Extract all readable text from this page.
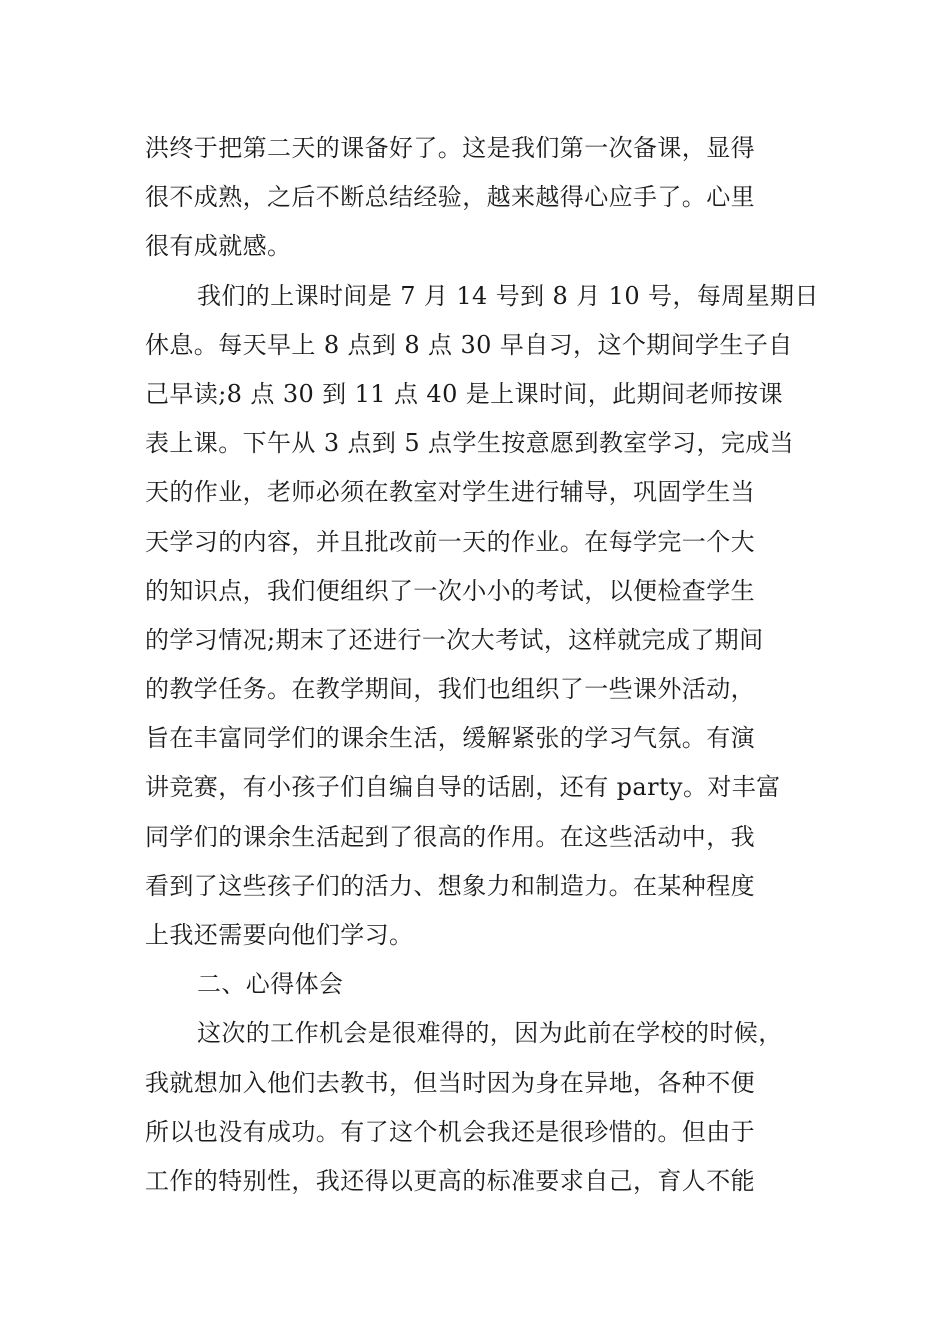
洪终于把第二天的课备好了。这是我们第一次备课，显得
很不成熟，之后不断总结经验，越来越得心应手了。心里
很有成就感。
我们的上课时间是 7 月 14 号到 8 月 10 号，每周星期日
休息。每天早上 8 点到 8 点 30 早自习，这个期间学生子自
己早读;8 点 30 到 11 点 40 是上课时间，此期间老师按课
表上课。下午从 3 点到 5 点学生按意愿到教室学习，完成当
天的作业，老师必须在教室对学生进行辅导，巩固学生当
天学习的内容，并且批改前一天的作业。在每学完一个大
的知识点，我们便组织了一次小小的考试，以便检查学生
的学习情况;期末了还进行一次大考试，这样就完成了期间
的教学任务。在教学期间，我们也组织了一些课外活动，
旨在丰富同学们的课余生活，缓解紧张的学习气氛。有演
讲竞赛，有小孩子们自编自导的话剧，还有 party。对丰富
同学们的课余生活起到了很高的作用。在这些活动中，我
看到了这些孩子们的活力、想象力和制造力。在某种程度
上我还需要向他们学习。
二、心得体会
这次的工作机会是很难得的，因为此前在学校的时候，
我就想加入他们去教书，但当时因为身在异地，各种不便
所以也没有成功。有了这个机会我还是很珍惜的。但由于
工作的特别性，我还得以更高的标准要求自己，育人不能
